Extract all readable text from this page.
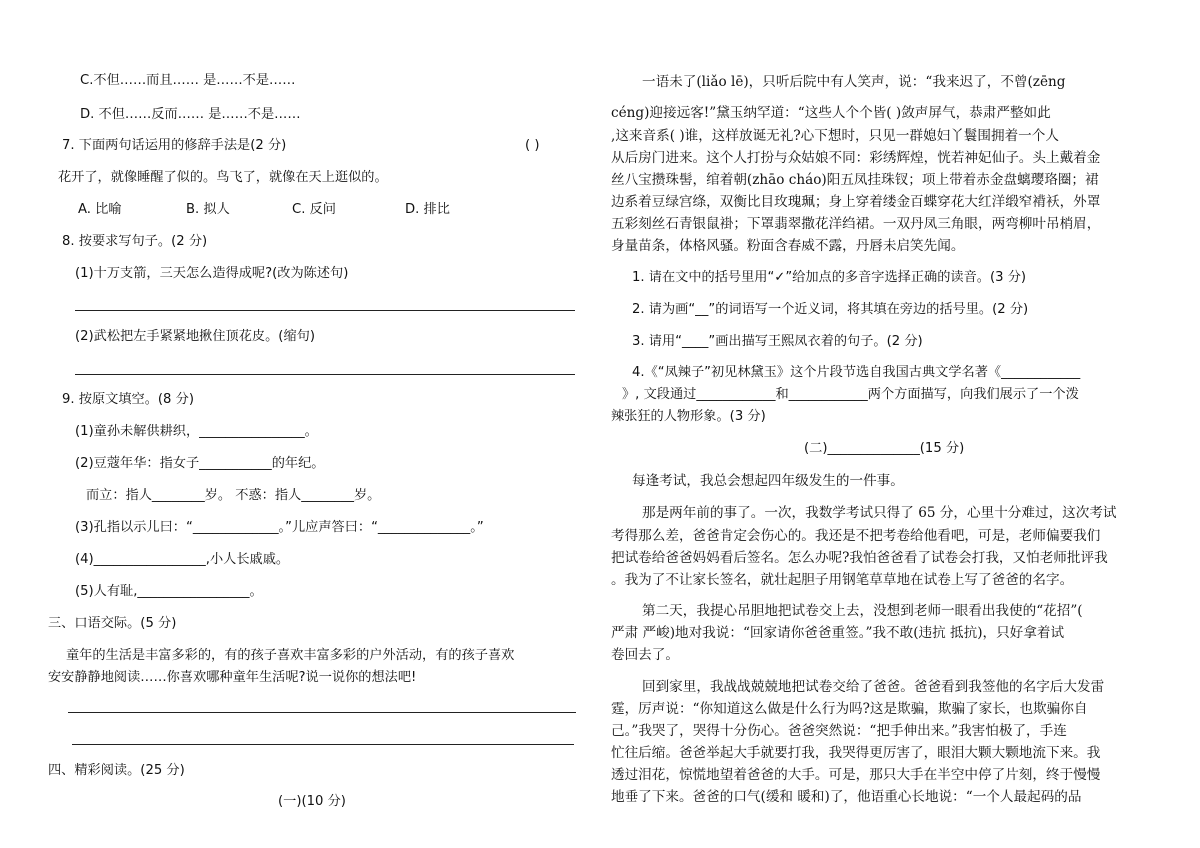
C.不但……而且…… 是……不是……
D. 不但……反而…… 是……不是……
7. 下面两句话运用的修辞手法是(2 分)	( )
花开了，就像睡醒了似的。鸟飞了，就像在天上逛似的。
A. 比喻	B. 拟人	C. 反问	D. 排比
8. 按要求写句子。(2 分)
(1)十万支箭，三天怎么造得成呢?(改为陈述句)
(2)武松把左手紧紧地揪住顶花皮。(缩句)
9. 按原文填空。(8 分)
(1)童孙未解供耕织，________________。
(2)豆蔻年华：指女子___________的年纪。
而立：指人________岁。 不惑：指人________岁。
(3)孔指以示儿曰：“_____________。”儿应声答曰：“______________。”
(4)_________________,小人长戚戚。
(5)人有耻,_________________。
三、口语交际。(5 分)
童年的生活是丰富多彩的，有的孩子喜欢丰富多彩的户外活动，有的孩子喜欢
安安静静地阅读……你喜欢哪种童年生活呢?说一说你的想法吧!
四、精彩阅读。(25 分)
(一)(10 分)
一语未了(liǎo lē)，只听后院中有人笑声，说：“我来迟了，不曾(zēng
céng)迎接远客!”黛玉纳罕道：“这些人个个皆( )敛声屏气，恭肃严整如此
,这来音系( )谁，这样放诞无礼?心下想时，只见一群媳妇丫鬟围拥着一个人
从后房门进来。这个人打扮与众姑娘不同：彩绣辉煌，恍若神妃仙子。头上戴着金
丝八宝攒珠髻，绾着朝(zhāo cháo)阳五凤挂珠钗；项上带着赤金盘螭璎珞圈；裙
边系着豆绿宫绦，双衡比目玫瑰珮；身上穿着缕金百蝶穿花大红洋缎窄褙袄，外罩
五彩刻丝石青银鼠褂；下罩翡翠撒花洋绉裙。一双丹凤三角眼，两弯柳叶吊梢眉，
身量苗条，体格风骚。粉面含春威不露，丹唇未启笑先闻。
1. 请在文中的括号里用“✓”给加点的多音字选择正确的读音。(3 分)
2. 请为画“__”的词语写一个近义词，将其填在旁边的括号里。(2 分)
3. 请用“____”画出描写王熙凤衣着的句子。(2 分)
4.《“凤辣子”初见林黛玉》这个片段节选自我国古典文学名著《____________
》, 文段通过____________和____________两个方面描写，向我们展示了一个泼
辣张狂的人物形象。(3 分)
(二)______________(15 分)
每逢考试，我总会想起四年级发生的一件事。
那是两年前的事了。一次，我数学考试只得了 65 分，心里十分难过，这次考试
考得那么差，爸爸肯定会伤心的。我还是不把考卷给他看吧，可是，老师偏要我们
把试卷给爸爸妈妈看后签名。怎么办呢?我怕爸爸看了试卷会打我，又怕老师批评我
。我为了不让家长签名，就壮起胆子用钢笔草草地在试卷上写了爸爸的名字。
第二天，我提心吊胆地把试卷交上去，没想到老师一眼看出我使的“花招”(
严肃 严峻)地对我说：“回家请你爸爸重签。”我不敢(违抗 抵抗)，只好拿着试
卷回去了。
回到家里，我战战兢兢地把试卷交给了爸爸。爸爸看到我签他的名字后大发雷
霆，厉声说：“你知道这么做是什么行为吗?这是欺骗，欺骗了家长，也欺骗你自
己。”我哭了，哭得十分伤心。爸爸突然说：“把手伸出来。”我害怕极了，手连
忙往后缩。爸爸举起大手就要打我，我哭得更厉害了，眼泪大颗大颗地流下来。我
透过泪花，惊慌地望着爸爸的大手。可是，那只大手在半空中停了片刻，终于慢慢
地垂了下来。爸爸的口气(缓和 暖和)了，他语重心长地说：“一个人最起码的品
